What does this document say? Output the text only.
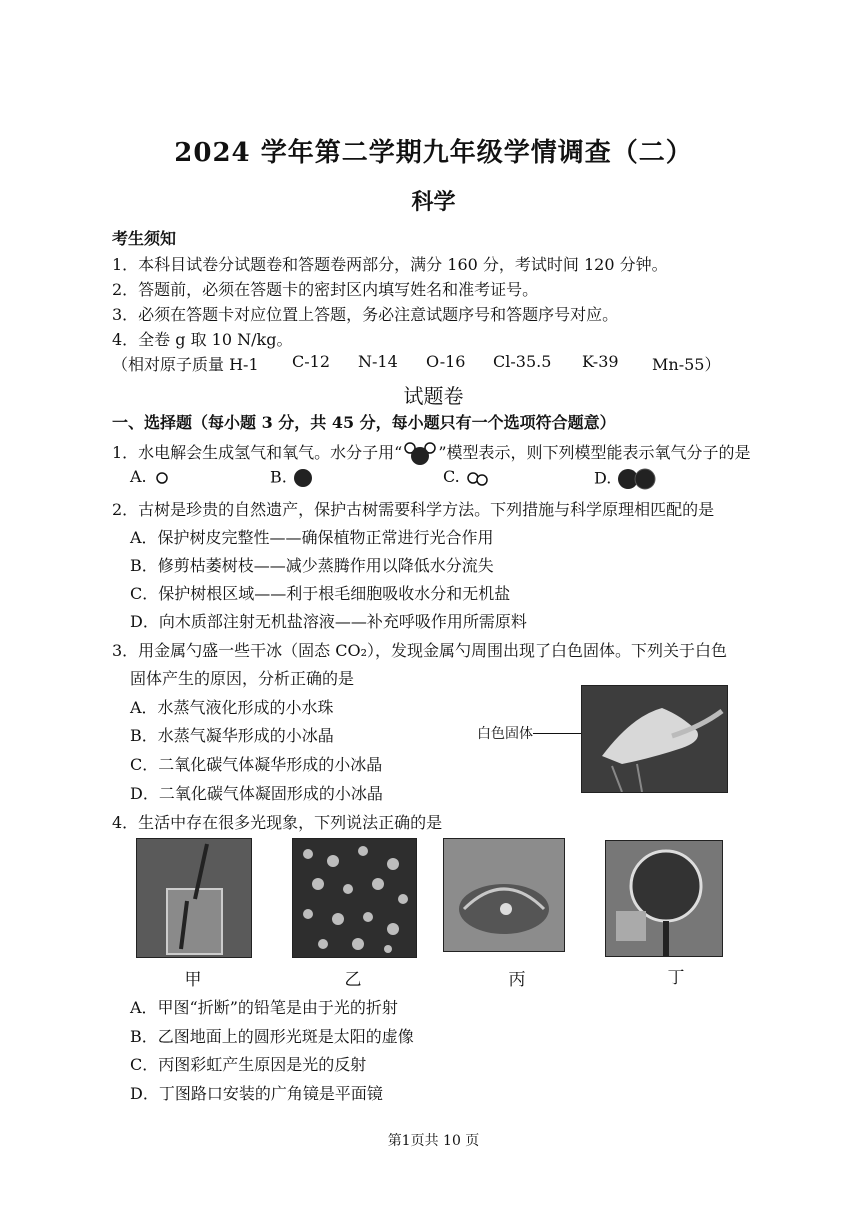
2024 学年第二学期九年级学情调查（二）
科学
考生须知
1．本科目试卷分试题卷和答题卷两部分，满分 160 分，考试时间 120 分钟。
2．答题前，必须在答题卡的密封区内填写姓名和准考证号。
3．必须在答题卡对应位置上答题，务必注意试题序号和答题序号对应。
4．全卷 g 取 10 N/kg。
（相对原子质量 H-1 C-12 N-14 O-16 Cl-35.5 K-39 Mn-55）
试题卷
一、选择题（每小题 3 分，共 45 分，每小题只有一个选项符合题意）
1．水电解会生成氢气和氧气。水分子用“ ”模型表示，则下列模型能表示氧气分子的是
A.	B.	C.	D.
2．古树是珍贵的自然遗产，保护古树需要科学方法。下列措施与科学原理相匹配的是
A．保护树皮完整性——确保植物正常进行光合作用
B．修剪枯萎树枝——减少蒸腾作用以降低水分流失
C．保护树根区域——利于根毛细胞吸收水分和无机盐
D．向木质部注射无机盐溶液——补充呼吸作用所需原料
3．用金属勺盛一些干冰（固态 CO₂），发现金属勺周围出现了白色固体。下列关于白色
固体产生的原因，分析正确的是
A．水蒸气液化形成的小水珠
B．水蒸气凝华形成的小冰晶
C．二氧化碳气体凝华形成的小冰晶
D．二氧化碳气体凝固形成的小冰晶
白色固体
4．生活中存在很多光现象，下列说法正确的是
甲	乙	丙	丁
A．甲图“折断”的铅笔是由于光的折射
B．乙图地面上的圆形光斑是太阳的虚像
C．丙图彩虹产生原因是光的反射
D．丁图路口安装的广角镜是平面镜
第1页共 10 页
